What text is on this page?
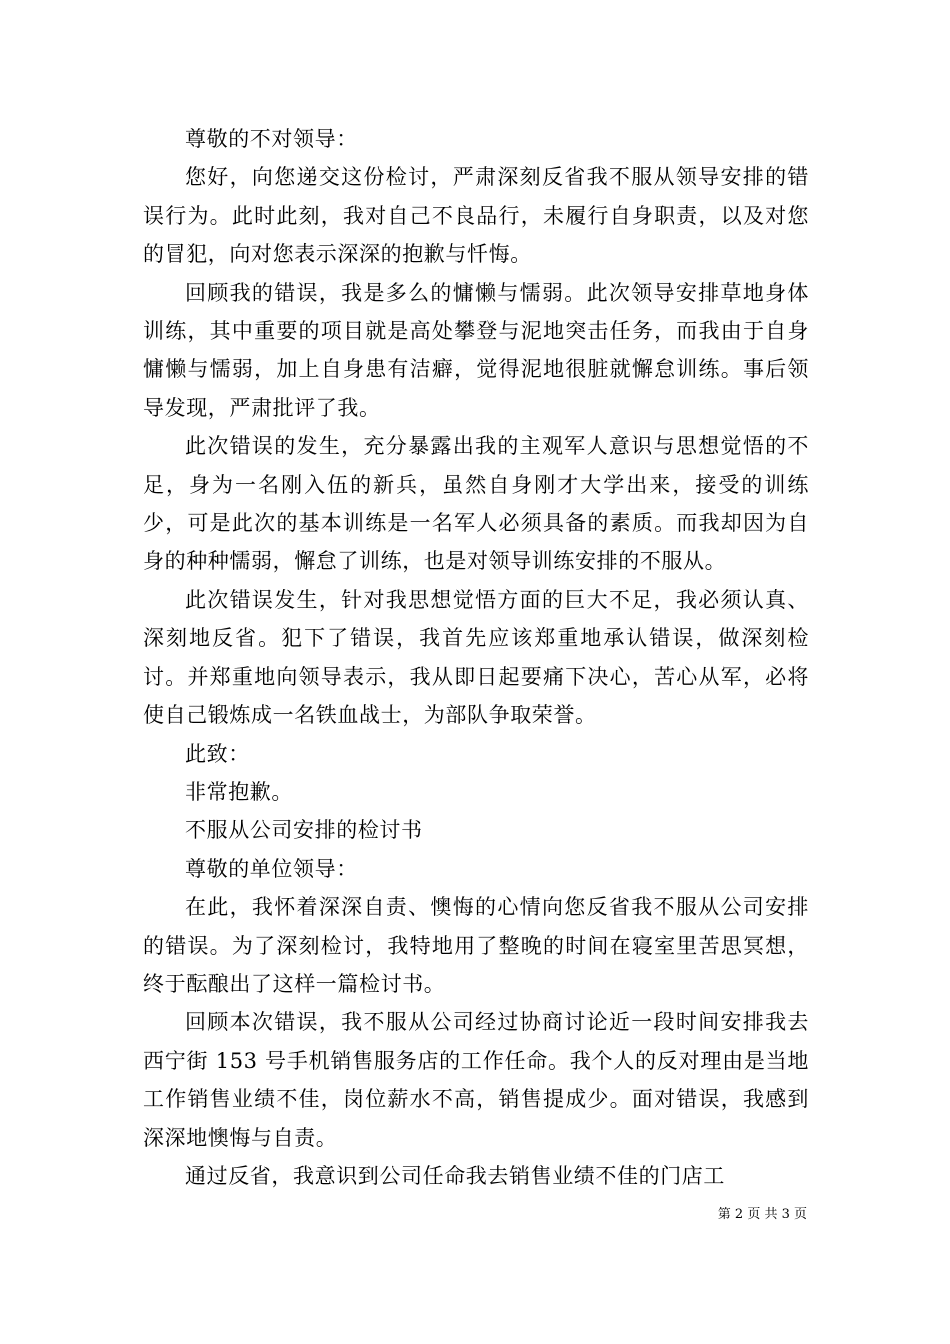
尊敬的不对领导：

您好，向您递交这份检讨，严肃深刻反省我不服从领导安排的错误行为。此时此刻，我对自己不良品行，未履行自身职责，以及对您的冒犯，向对您表示深深的抱歉与忏悔。

回顾我的错误，我是多么的慵懒与懦弱。此次领导安排草地身体训练，其中重要的项目就是高处攀登与泥地突击任务，而我由于自身慵懒与懦弱，加上自身患有洁癖，觉得泥地很脏就懈怠训练。事后领导发现，严肃批评了我。

此次错误的发生，充分暴露出我的主观军人意识与思想觉悟的不足，身为一名刚入伍的新兵，虽然自身刚才大学出来，接受的训练少，可是此次的基本训练是一名军人必须具备的素质。而我却因为自身的种种懦弱，懈怠了训练，也是对领导训练安排的不服从。

此次错误发生，针对我思想觉悟方面的巨大不足，我必须认真、深刻地反省。犯下了错误，我首先应该郑重地承认错误，做深刻检讨。并郑重地向领导表示，我从即日起要痛下决心，苦心从军，必将使自己锻炼成一名铁血战士，为部队争取荣誉。

此致：

非常抱歉。

不服从公司安排的检讨书

尊敬的单位领导：

在此，我怀着深深自责、懊悔的心情向您反省我不服从公司安排的错误。为了深刻检讨，我特地用了整晚的时间在寝室里苦思冥想，终于酝酿出了这样一篇检讨书。

回顾本次错误，我不服从公司经过协商讨论近一段时间安排我去西宁街 153 号手机销售服务店的工作任命。我个人的反对理由是当地工作销售业绩不佳，岗位薪水不高，销售提成少。面对错误，我感到深深地懊悔与自责。

通过反省，我意识到公司任命我去销售业绩不佳的门店工

第 2 页 共 3 页
